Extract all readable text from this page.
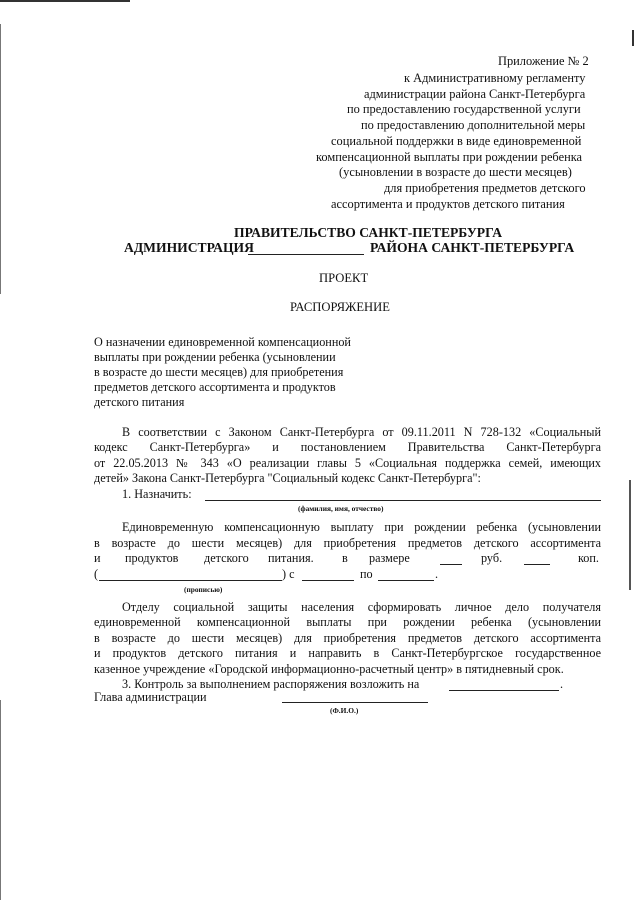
Приложение № 2
к Административному регламенту
администрации района Санкт-Петербурга
по предоставлению государственной услуги
по предоставлению дополнительной меры
социальной поддержки в виде единовременной
компенсационной выплаты при рождении ребенка
(усыновлении в возрасте до шести месяцев)
для приобретения предметов детского
ассортимента и продуктов детского питания
ПРАВИТЕЛЬСТВО САНКТ-ПЕТЕРБУРГА
АДМИНИСТРАЦИЯ	РАЙОНА САНКТ-ПЕТЕРБУРГА
ПРОЕКТ
РАСПОРЯЖЕНИЕ
О назначении единовременной компенсационной
выплаты при рождении ребенка (усыновлении
в возрасте до шести месяцев) для приобретения
предметов детского ассортимента и продуктов
детского питания
В соответствии с Законом Санкт-Петербурга от 09.11.2011 N 728-132 «Социальный
кодекс Санкт-Петербурга» и постановлением Правительства Санкт-Петербурга
от 22.05.2013 № 343 «О реализации главы 5 «Социальная поддержка семей, имеющих
детей» Закона Санкт-Петербурга "Социальный кодекс Санкт-Петербурга":
1. Назначить:
(фамилия, имя, отчество)
Единовременную компенсационную выплату при рождении ребенка (усыновлении
в возрасте до шести месяцев) для приобретения предметов детского ассортимента
и продуктов детского питания. в размере	руб.	коп.
(	) с	по	.
(прописью)
Отделу социальной защиты населения сформировать личное дело получателя
единовременной компенсационной выплаты при рождении ребенка (усыновлении
в возрасте до шести месяцев) для приобретения предметов детского ассортимента
и продуктов детского питания и направить в Санкт-Петербургское государственное
казенное учреждение «Городской информационно-расчетный центр» в пятидневный срок.
3. Контроль за выполнением распоряжения возложить на	.
Глава администрации
(Ф.И.О.)
